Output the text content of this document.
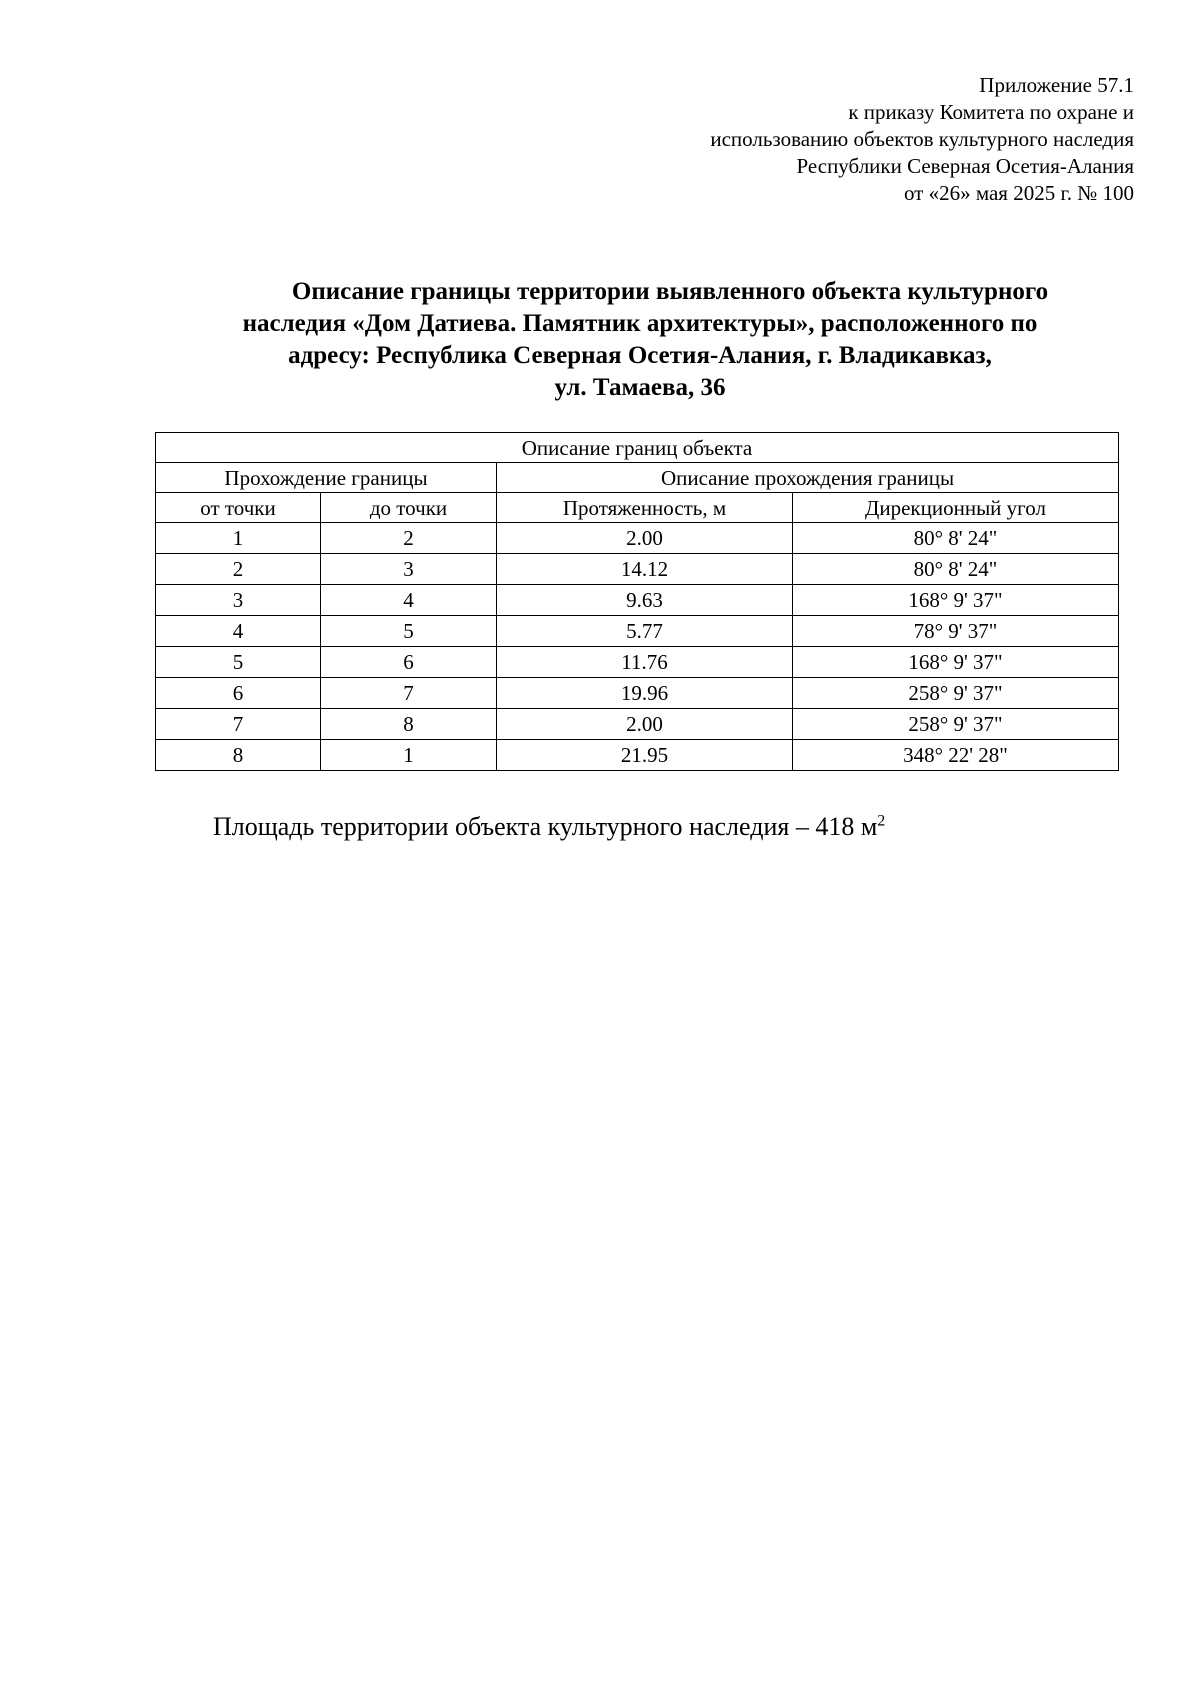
Приложение 57.1
к приказу Комитета по охране и
использованию объектов культурного наследия
Республики Северная Осетия-Алания
от «26» мая 2025 г. № 100
Описание границы территории выявленного объекта культурного
наследия «Дом Датиева. Памятник архитектуры», расположенного по
адресу: Республика Северная Осетия-Алания, г. Владикавказ,
ул. Тамаева, 36
Описание границ объекта			
Прохождение границы		Описание прохождения границы	
от точки	до точки	Протяженность, м	Дирекционный угол
1	2	2.00	80° 8' 24"
2	3	14.12	80° 8' 24"
3	4	9.63	168° 9' 37"
4	5	5.77	78° 9' 37"
5	6	11.76	168° 9' 37"
6	7	19.96	258° 9' 37"
7	8	2.00	258° 9' 37"
8	1	21.95	348° 22' 28"
Площадь территории объекта культурного наследия – 418 $м^2$
